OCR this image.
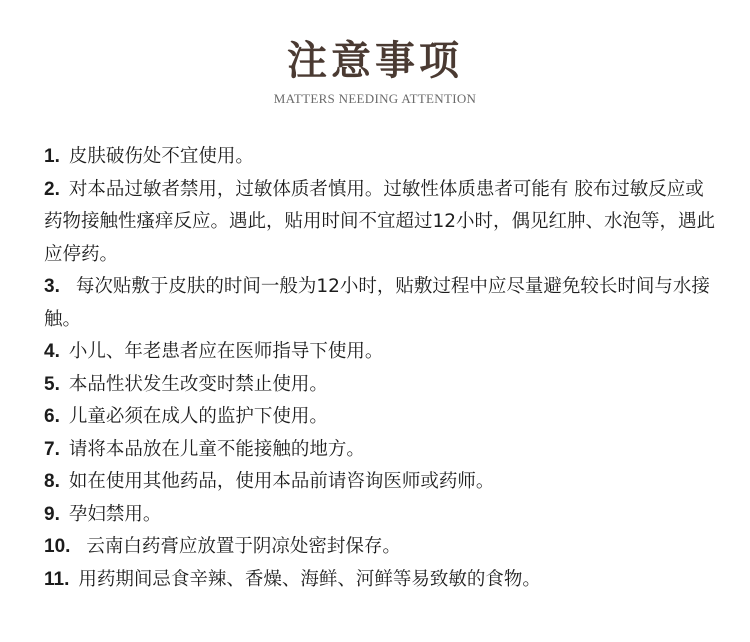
注意事项
MATTERS NEEDING ATTENTION
1. 皮肤破伤处不宜使用。
2. 对本品过敏者禁用，过敏体质者慎用。过敏性体质患者可能有 胶布过敏反应或药物接触性瘙痒反应。遇此，贴用时间不宜超过12小时，偶见红肿、水泡等，遇此应停药。
3. 每次贴敷于皮肤的时间一般为12小时，贴敷过程中应尽量避免较长时间与水接触。
4. 小儿、年老患者应在医师指导下使用。
5. 本品性状发生改变时禁止使用。
6. 儿童必须在成人的监护下使用。
7. 请将本品放在儿童不能接触的地方。
8. 如在使用其他药品，使用本品前请咨询医师或药师。
9. 孕妇禁用。
10. 云南白药膏应放置于阴凉处密封保存。
11. 用药期间忌食辛辣、香燥、海鲜、河鲜等易致敏的食物。
